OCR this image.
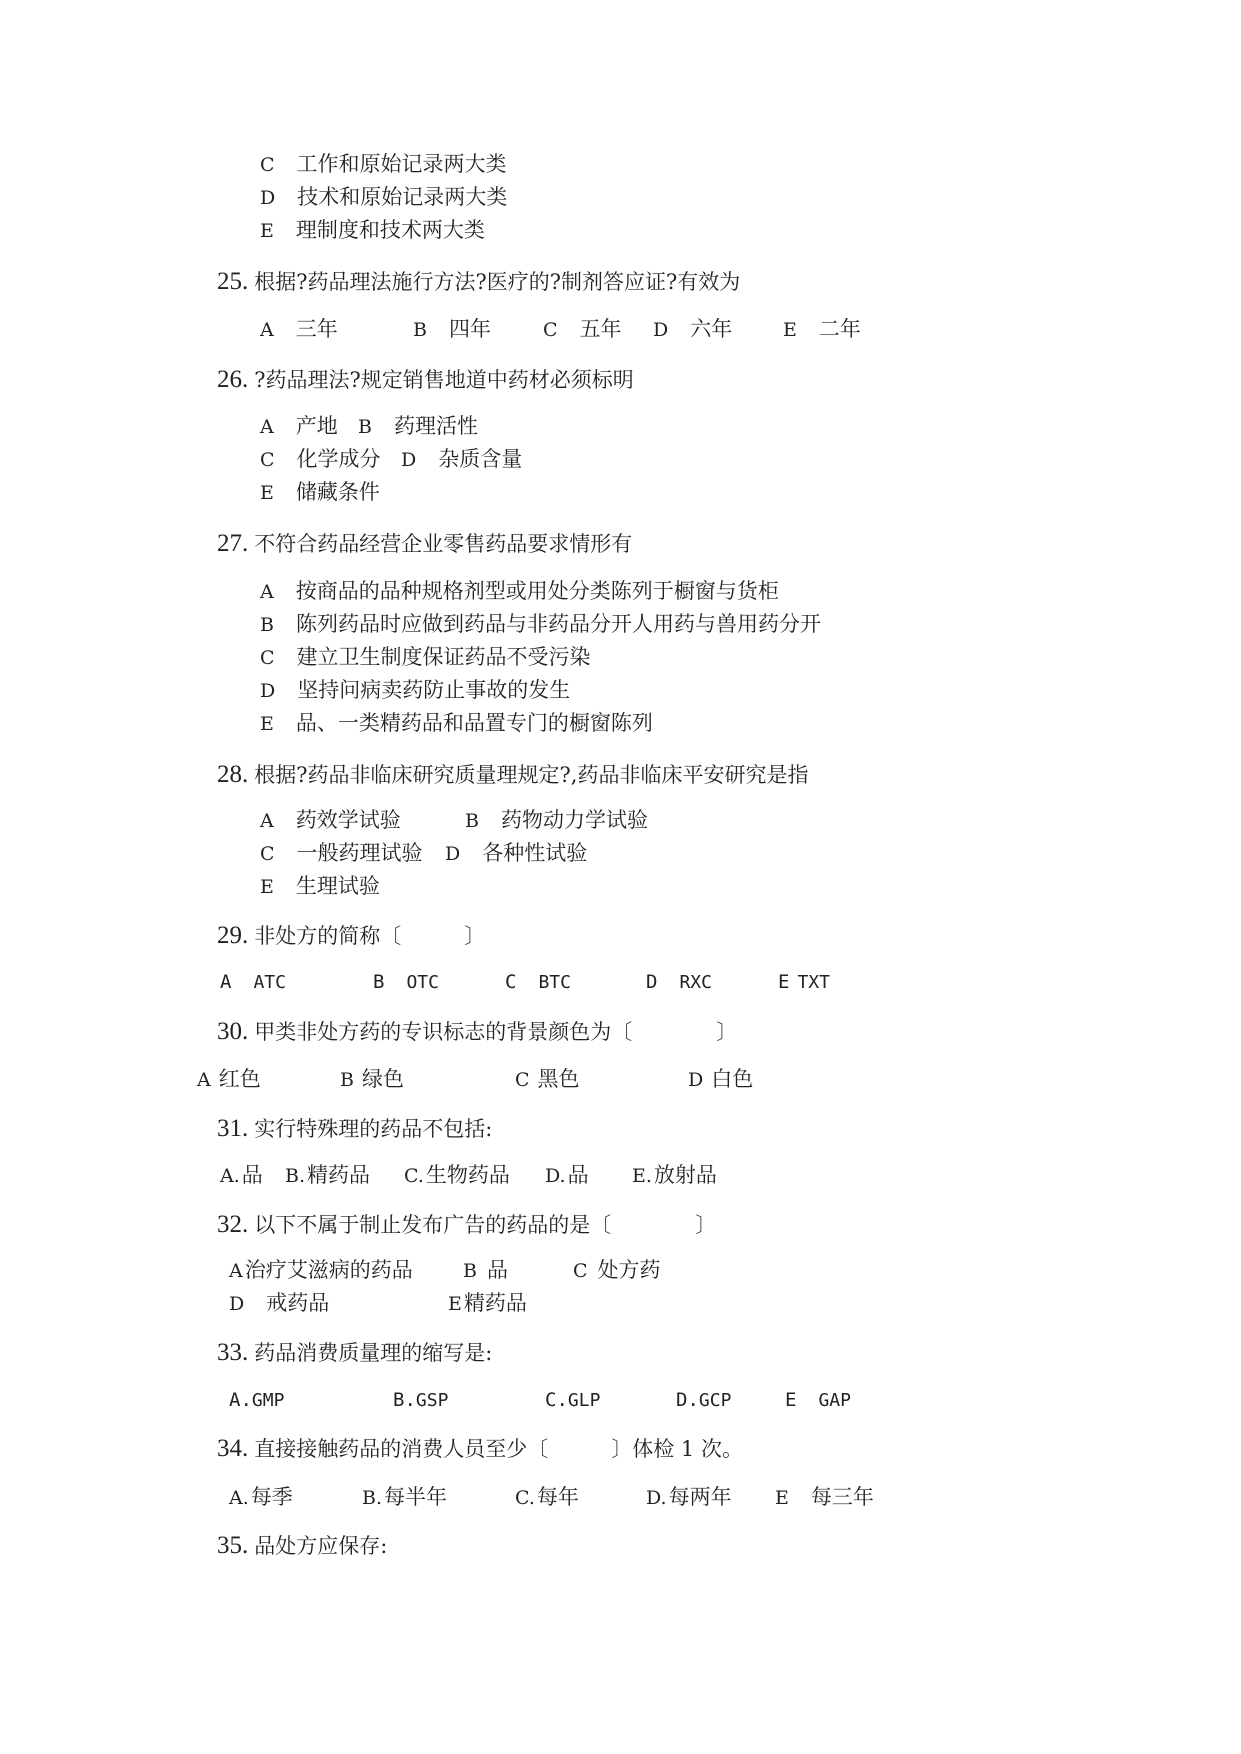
C 工作和原始记录两大类
D 技术和原始记录两大类
E 理制度和技术两大类
25. 根据?药品理法施行方法?医疗的?制剂答应证?有效为
A 三年	B 四年	C 五年 D 六年	E 二年
26. ?药品理法?规定销售地道中药材必须标明
A 产地 B 药理活性
C 化学成分 D 杂质含量
E 储藏条件
27. 不符合药品经营企业零售药品要求情形有
A 按商品的品种规格剂型或用处分类陈列于橱窗与货柜
B 陈列药品时应做到药品与非药品分开人用药与兽用药分开
C 建立卫生制度保证药品不受污染
D 坚持问病卖药防止事故的发生
E 品、一类精药品和品置专门的橱窗陈列
28. 根据?药品非临床研究质量理规定?,药品非临床平安研究是指
A 药效学试验	B 药物动力学试验
C 一般药理试验 D 各种性试验
E 生理试验
29. 非处方的简称〔　　　〕
A ATC	B OTC	C BTC	D RXC	E TXT
30. 甲类非处方药的专识标志的背景颜色为〔　　　　〕
A 红色	B 绿色	C 黑色	D 白色
31. 实行特殊理的药品不包括:
A.品 B.精药品 C.生物药品 D.品 E.放射品
32. 以下不属于制止发布广告的药品的是〔　　　　〕
A治疗艾滋病的药品	B 品	C 处方药
D 戒药品	E精药品
33. 药品消费质量理的缩写是:
A.GMP	B.GSP	C.GLP	D.GCP	E GAP
34. 直接接触药品的消费人员至少〔　　　〕体检 1 次。
A.每季	B.每半年	C.每年	D.每两年 E 每三年
35. 品处方应保存:
